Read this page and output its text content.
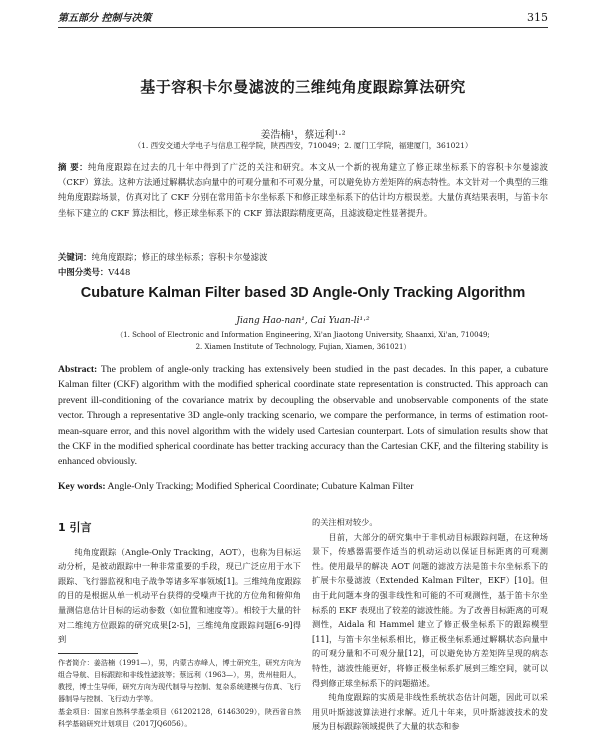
第五部分 控制与决策	315
基于容积卡尔曼滤波的三维纯角度跟踪算法研究
姜浩楠¹，蔡远利¹·²
（1. 西安交通大学电子与信息工程学院，陕西西安，710049；2. 厦门工学院，福建厦门，361021）
摘 要：纯角度跟踪在过去的几十年中得到了广泛的关注和研究。本文从一个新的视角建立了修正球坐标系下的容积卡尔曼滤波（CKF）算法。这种方法通过解耦状态向量中的可观分量和不可观分量，可以避免协方差矩阵的病态特性。本文针对一个典型的三维纯角度跟踪场景，仿真对比了 CKF 分别在常用笛卡尔坐标系下和修正球坐标系下的估计均方根误差。大量仿真结果表明，与笛卡尔坐标下建立的 CKF 算法相比，修正球坐标系下的 CKF 算法跟踪精度更高，且滤波稳定性显著提升。
关键词：纯角度跟踪；修正的球坐标系；容积卡尔曼滤波
中图分类号：V448
Cubature Kalman Filter based 3D Angle-Only Tracking Algorithm
Jiang Hao-nan¹, Cai Yuan-li¹·²
（1. School of Electronic and Information Engineering, Xi'an Jiaotong University, Shaanxi, Xi'an, 710049;
2. Xiamen Institute of Technology, Fujian, Xiamen, 361021）
Abstract: The problem of angle-only tracking has extensively been studied in the past decades. In this paper, a cubature Kalman filter (CKF) algorithm with the modified spherical coordinate state representation is constructed. This approach can prevent ill-conditioning of the covariance matrix by decoupling the observable and unobservable components of the state vector. Through a representative 3D angle-only tracking scenario, we compare the performance, in terms of estimation root-mean-square error, and this novel algorithm with the widely used Cartesian counterpart. Lots of simulation results show that the CKF in the modified spherical coordinate has better tracking accuracy than the Cartesian CKF, and the filtering stability is enhanced obviously.
Key words: Angle-Only Tracking; Modified Spherical Coordinate; Cubature Kalman Filter
1 引言

纯角度跟踪（Angle-Only Tracking，AOT），也称为目标运动分析，是被动跟踪中一种非常重要的手段，现已广泛应用于水下跟踪、飞行器监视和电子战争等诸多军事领域[1]。三维纯角度跟踪的目的是根据从单一机动平台获得的受噪声干扰的方位角和俯仰角量测信息估计目标的运动参数（如位置和速度等）。相较于大量的针对二维纯方位跟踪的研究成果[2-5]，三维纯角度跟踪问题[6-9]得到

作者简介：姜浩楠（1991—），男，内蒙古赤峰人，博士研究生，研究方向为组合导航、目标跟踪和非线性滤波等；蔡远利（1963—），男，贵州桂阳人，教授，博士生导师，研究方向为现代制导与控制、复杂系统建模与仿真、飞行器制导与控制、飞行动力学等。

基金项目：国家自然科学基金项目（61202128，61463029），陕西省自然科学基础研究计划项目（2017JQ6056）。

的关注相对较少。

目前，大部分的研究集中于非机动目标跟踪问题，在这种场景下，传感器需要作适当的机动运动以保证目标距离的可观测性。使用最早的解决 AOT 问题的滤波方法是笛卡尔坐标系下的扩展卡尔曼滤波（Extended Kalman Filter，EKF）[10]。但由于此问题本身的强非线性和可能的不可观测性，基于笛卡尔坐标系的 EKF 表现出了较差的滤波性能。为了改善目标距离的可观测性，Aidala 和 Hammel 建立了修正极坐标系下的跟踪模型[11]，与笛卡尔坐标系相比，修正极坐标系通过解耦状态向量中的可观分量和不可观分量[12]，可以避免协方差矩阵呈现的病态特性，滤波性能更好，将修正极坐标系扩展到三维空间，就可以得到修正球坐标系下的问题描述。

纯角度跟踪的实质是非线性系统状态估计问题，因此可以采用贝叶斯滤波算法进行求解。近几十年来，贝叶斯滤波技术的发展为目标跟踪领域提供了大量的状态和参
